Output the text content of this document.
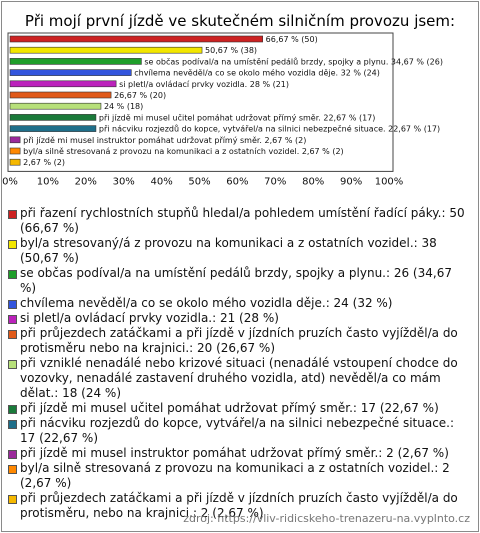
Při mojí první jízdě ve skutečném silničním provozu jsem:
66,67 % (50)
50,67 % (38)
se občas podíval/a na umístění pedálů brzdy, spojky a plynu. 34,67 % (26)
chvílema nevěděl/a co se okolo mého vozidla děje. 32 % (24)
si pletl/a ovládací prvky vozidla. 28 % (21)
26,67 % (20)
24 % (18)
při jízdě mi musel učitel pomáhat udržovat přímý směr. 22,67 % (17)
při nácviku rozjezdů do kopce, vytvářel/a na silnici nebezpečné situace. 22,67 % (17)
při jízdě mi musel instruktor pomáhat udržovat přímý směr. 2,67 % (2)
byl/a silně stresovaná z provozu na komunikaci a z ostatních vozidel. 2,67 % (2)
2,67 % (2)
0% 10% 20% 30% 40% 50% 60% 70% 80% 90% 100%
při řazení rychlostních stupňů hledal/a pohledem umístění řadící páky.: 50 (66,67 %)
byl/a stresovaný/á z provozu na komunikaci a z ostatních vozidel.: 38 (50,67 %)
se občas podíval/a na umístění pedálů brzdy, spojky a plynu.: 26 (34,67 %)
chvílema nevěděl/a co se okolo mého vozidla děje.: 24 (32 %)
si pletl/a ovládací prvky vozidla.: 21 (28 %)
při průjezdech zatáčkami a při jízdě v jízdních pruzích často vyjížděl/a do protisměru nebo na krajnici.: 20 (26,67 %)
při vzniklé nenadálé nebo krizové situaci (nenadálé vstoupení chodce do vozovky, nenadálé zastavení druhého vozidla, atd) nevěděl/a co mám dělat.: 18 (24 %)
při jízdě mi musel učitel pomáhat udržovat přímý směr.: 17 (22,67 %)
při nácviku rozjezdů do kopce, vytvářel/a na silnici nebezpečné situace.: 17 (22,67 %)
při jízdě mi musel instruktor pomáhat udržovat přímý směr.: 2 (2,67 %)
byl/a silně stresovaná z provozu na komunikaci a z ostatních vozidel.: 2 (2,67 %)
při průjezdech zatáčkami a při jízdě v jízdních pruzích často vyjížděl/a do protisměru, nebo na krajnici.: 2 (2,67 %)
zdroj: https://vliv-ridicskeho-trenazeru-na.vyplnto.cz
